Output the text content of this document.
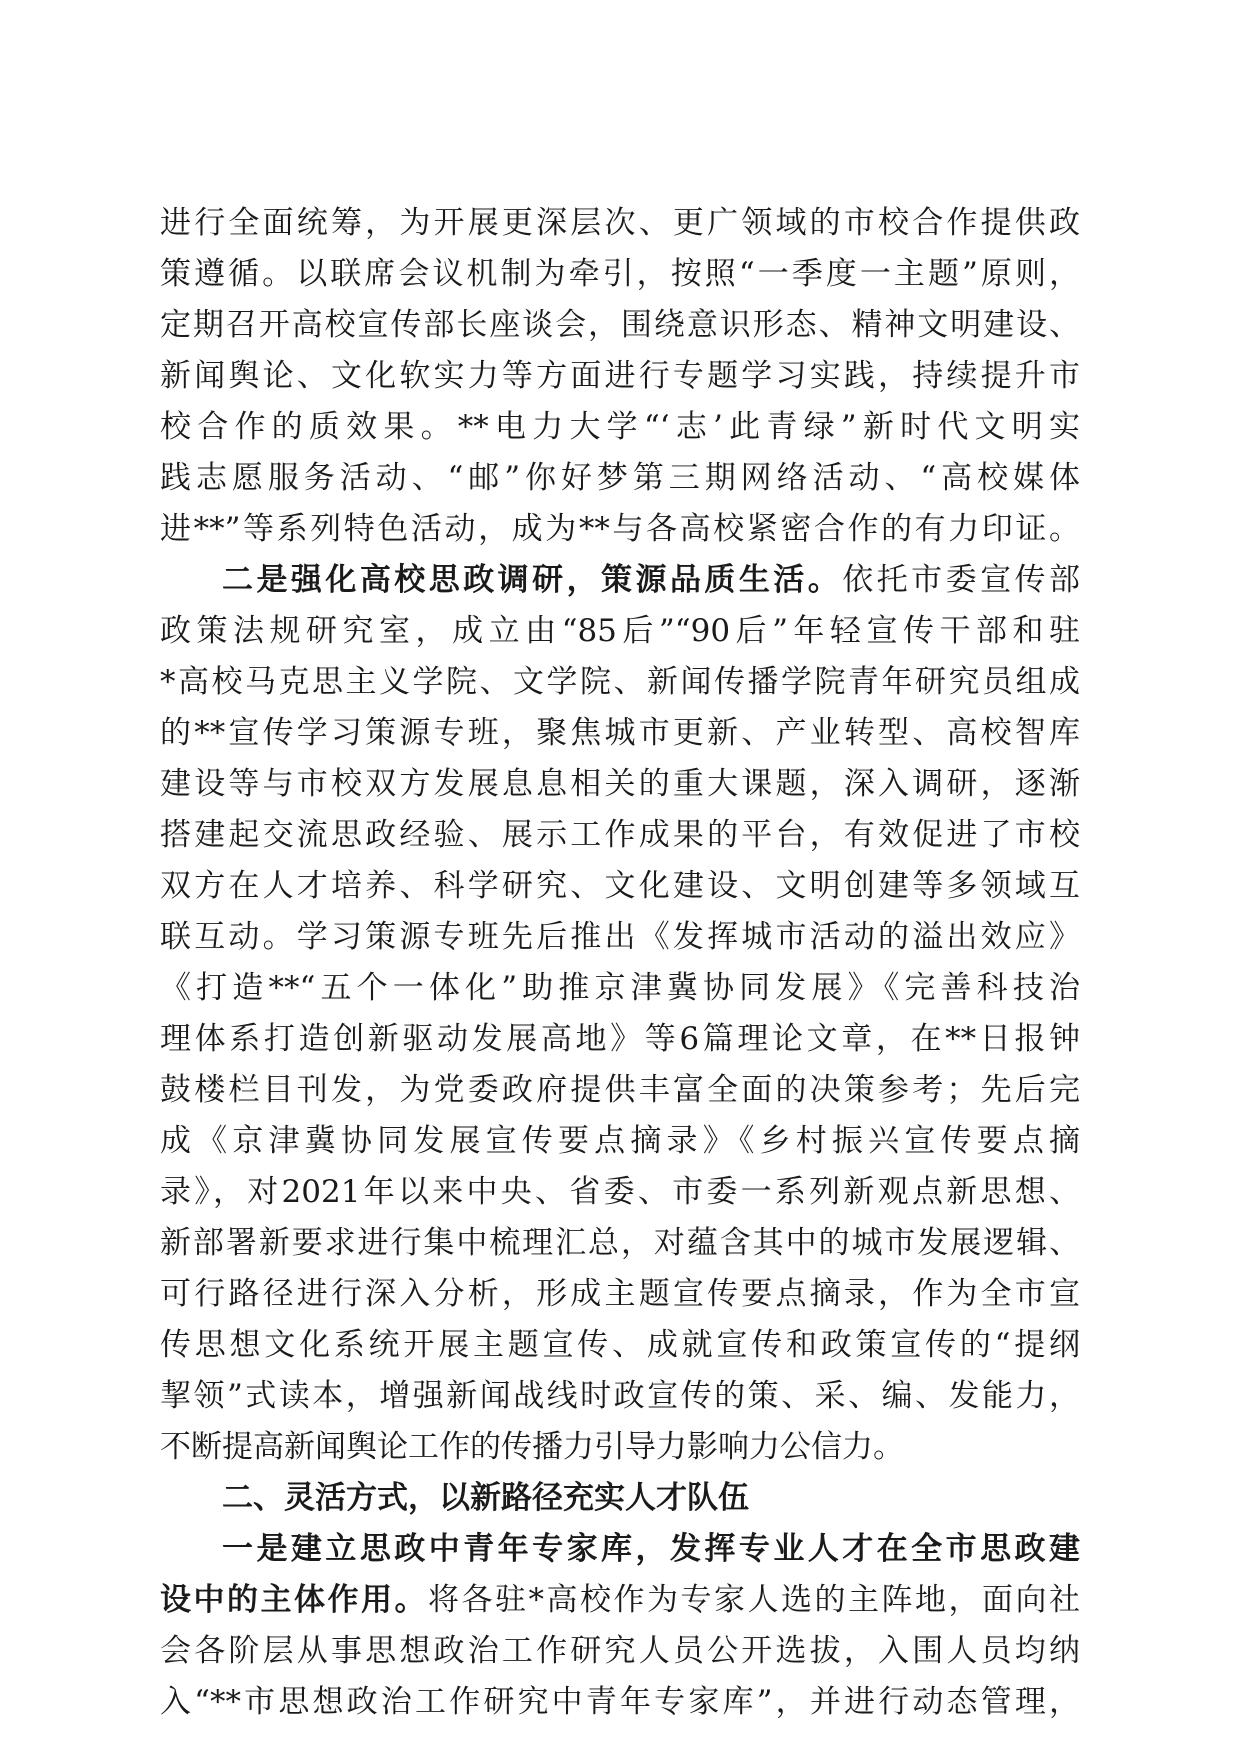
进行全面统筹，为开展更深层次、更广领域的市校合作提供政
策遵循。以联席会议机制为牵引，按照“一季度一主题”原则，
定期召开高校宣传部长座谈会，围绕意识形态、精神文明建设、
新闻舆论、文化软实力等方面进行专题学习实践，持续提升市
校合作的质效果。**电力大学“‘志’此青绿”新时代文明实
践志愿服务活动、“邮”你好梦第三期网络活动、“高校媒体
进**”等系列特色活动，成为**与各高校紧密合作的有力印证。
二是强化高校思政调研，策源品质生活。依托市委宣传部
政策法规研究室，成立由“85后”“90后”年轻宣传干部和驻
*高校马克思主义学院、文学院、新闻传播学院青年研究员组成
的**宣传学习策源专班，聚焦城市更新、产业转型、高校智库
建设等与市校双方发展息息相关的重大课题，深入调研，逐渐
搭建起交流思政经验、展示工作成果的平台，有效促进了市校
双方在人才培养、科学研究、文化建设、文明创建等多领域互
联互动。学习策源专班先后推出《发挥城市活动的溢出效应》
《打造**“五个一体化”助推京津冀协同发展》《完善科技治
理体系打造创新驱动发展高地》等6篇理论文章，在**日报钟
鼓楼栏目刊发，为党委政府提供丰富全面的决策参考；先后完
成《京津冀协同发展宣传要点摘录》《乡村振兴宣传要点摘
录》，对2021年以来中央、省委、市委一系列新观点新思想、
新部署新要求进行集中梳理汇总，对蕴含其中的城市发展逻辑、
可行路径进行深入分析，形成主题宣传要点摘录，作为全市宣
传思想文化系统开展主题宣传、成就宣传和政策宣传的“提纲
挈领”式读本，增强新闻战线时政宣传的策、采、编、发能力，
不断提高新闻舆论工作的传播力引导力影响力公信力。
二、灵活方式，以新路径充实人才队伍
一是建立思政中青年专家库，发挥专业人才在全市思政建
设中的主体作用。将各驻*高校作为专家人选的主阵地，面向社
会各阶层从事思想政治工作研究人员公开选拔，入围人员均纳
入“**市思想政治工作研究中青年专家库”，并进行动态管理，
